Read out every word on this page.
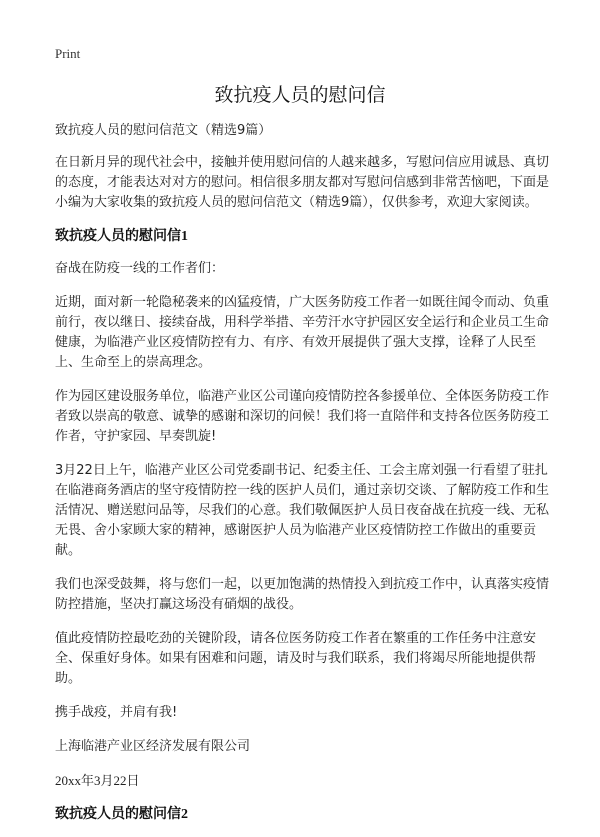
Print
致抗疫人员的慰问信

致抗疫人员的慰问信范文（精选9篇）

在日新月异的现代社会中，接触并使用慰问信的人越来越多，写慰问信应用诚恳、真切的态度，才能表达对对方的慰问。相信很多朋友都对写慰问信感到非常苦恼吧，下面是小编为大家收集的致抗疫人员的慰问信范文（精选9篇），仅供参考，欢迎大家阅读。

致抗疫人员的慰问信1

奋战在防疫一线的工作者们：

近期，面对新一轮隐秘袭来的凶猛疫情，广大医务防疫工作者一如既往闻令而动、负重前行，夜以继日、接续奋战，用科学举措、辛劳汗水守护园区安全运行和企业员工生命健康，为临港产业区疫情防控有力、有序、有效开展提供了强大支撑，诠释了人民至上、生命至上的崇高理念。

作为园区建设服务单位，临港产业区公司谨向疫情防控各参援单位、全体医务防疫工作者致以崇高的敬意、诚挚的感谢和深切的问候！我们将一直陪伴和支持各位医务防疫工作者，守护家园、早奏凯旋!

3月22日上午，临港产业区公司党委副书记、纪委主任、工会主席刘强一行看望了驻扎在临港商务酒店的坚守疫情防控一线的医护人员们，通过亲切交谈、了解防疫工作和生活情况、赠送慰问品等，尽我们的心意。我们敬佩医护人员日夜奋战在抗疫一线、无私无畏、舍小家顾大家的精神，感谢医护人员为临港产业区疫情防控工作做出的重要贡献。

我们也深受鼓舞，将与您们一起，以更加饱满的热情投入到抗疫工作中，认真落实疫情防控措施，坚决打赢这场没有硝烟的战役。

值此疫情防控最吃劲的关键阶段，请各位医务防疫工作者在繁重的工作任务中注意安全、保重好身体。如果有困难和问题，请及时与我们联系，我们将竭尽所能地提供帮助。

携手战疫，并肩有我!

上海临港产业区经济发展有限公司

20xx年3月22日

致抗疫人员的慰问信2
